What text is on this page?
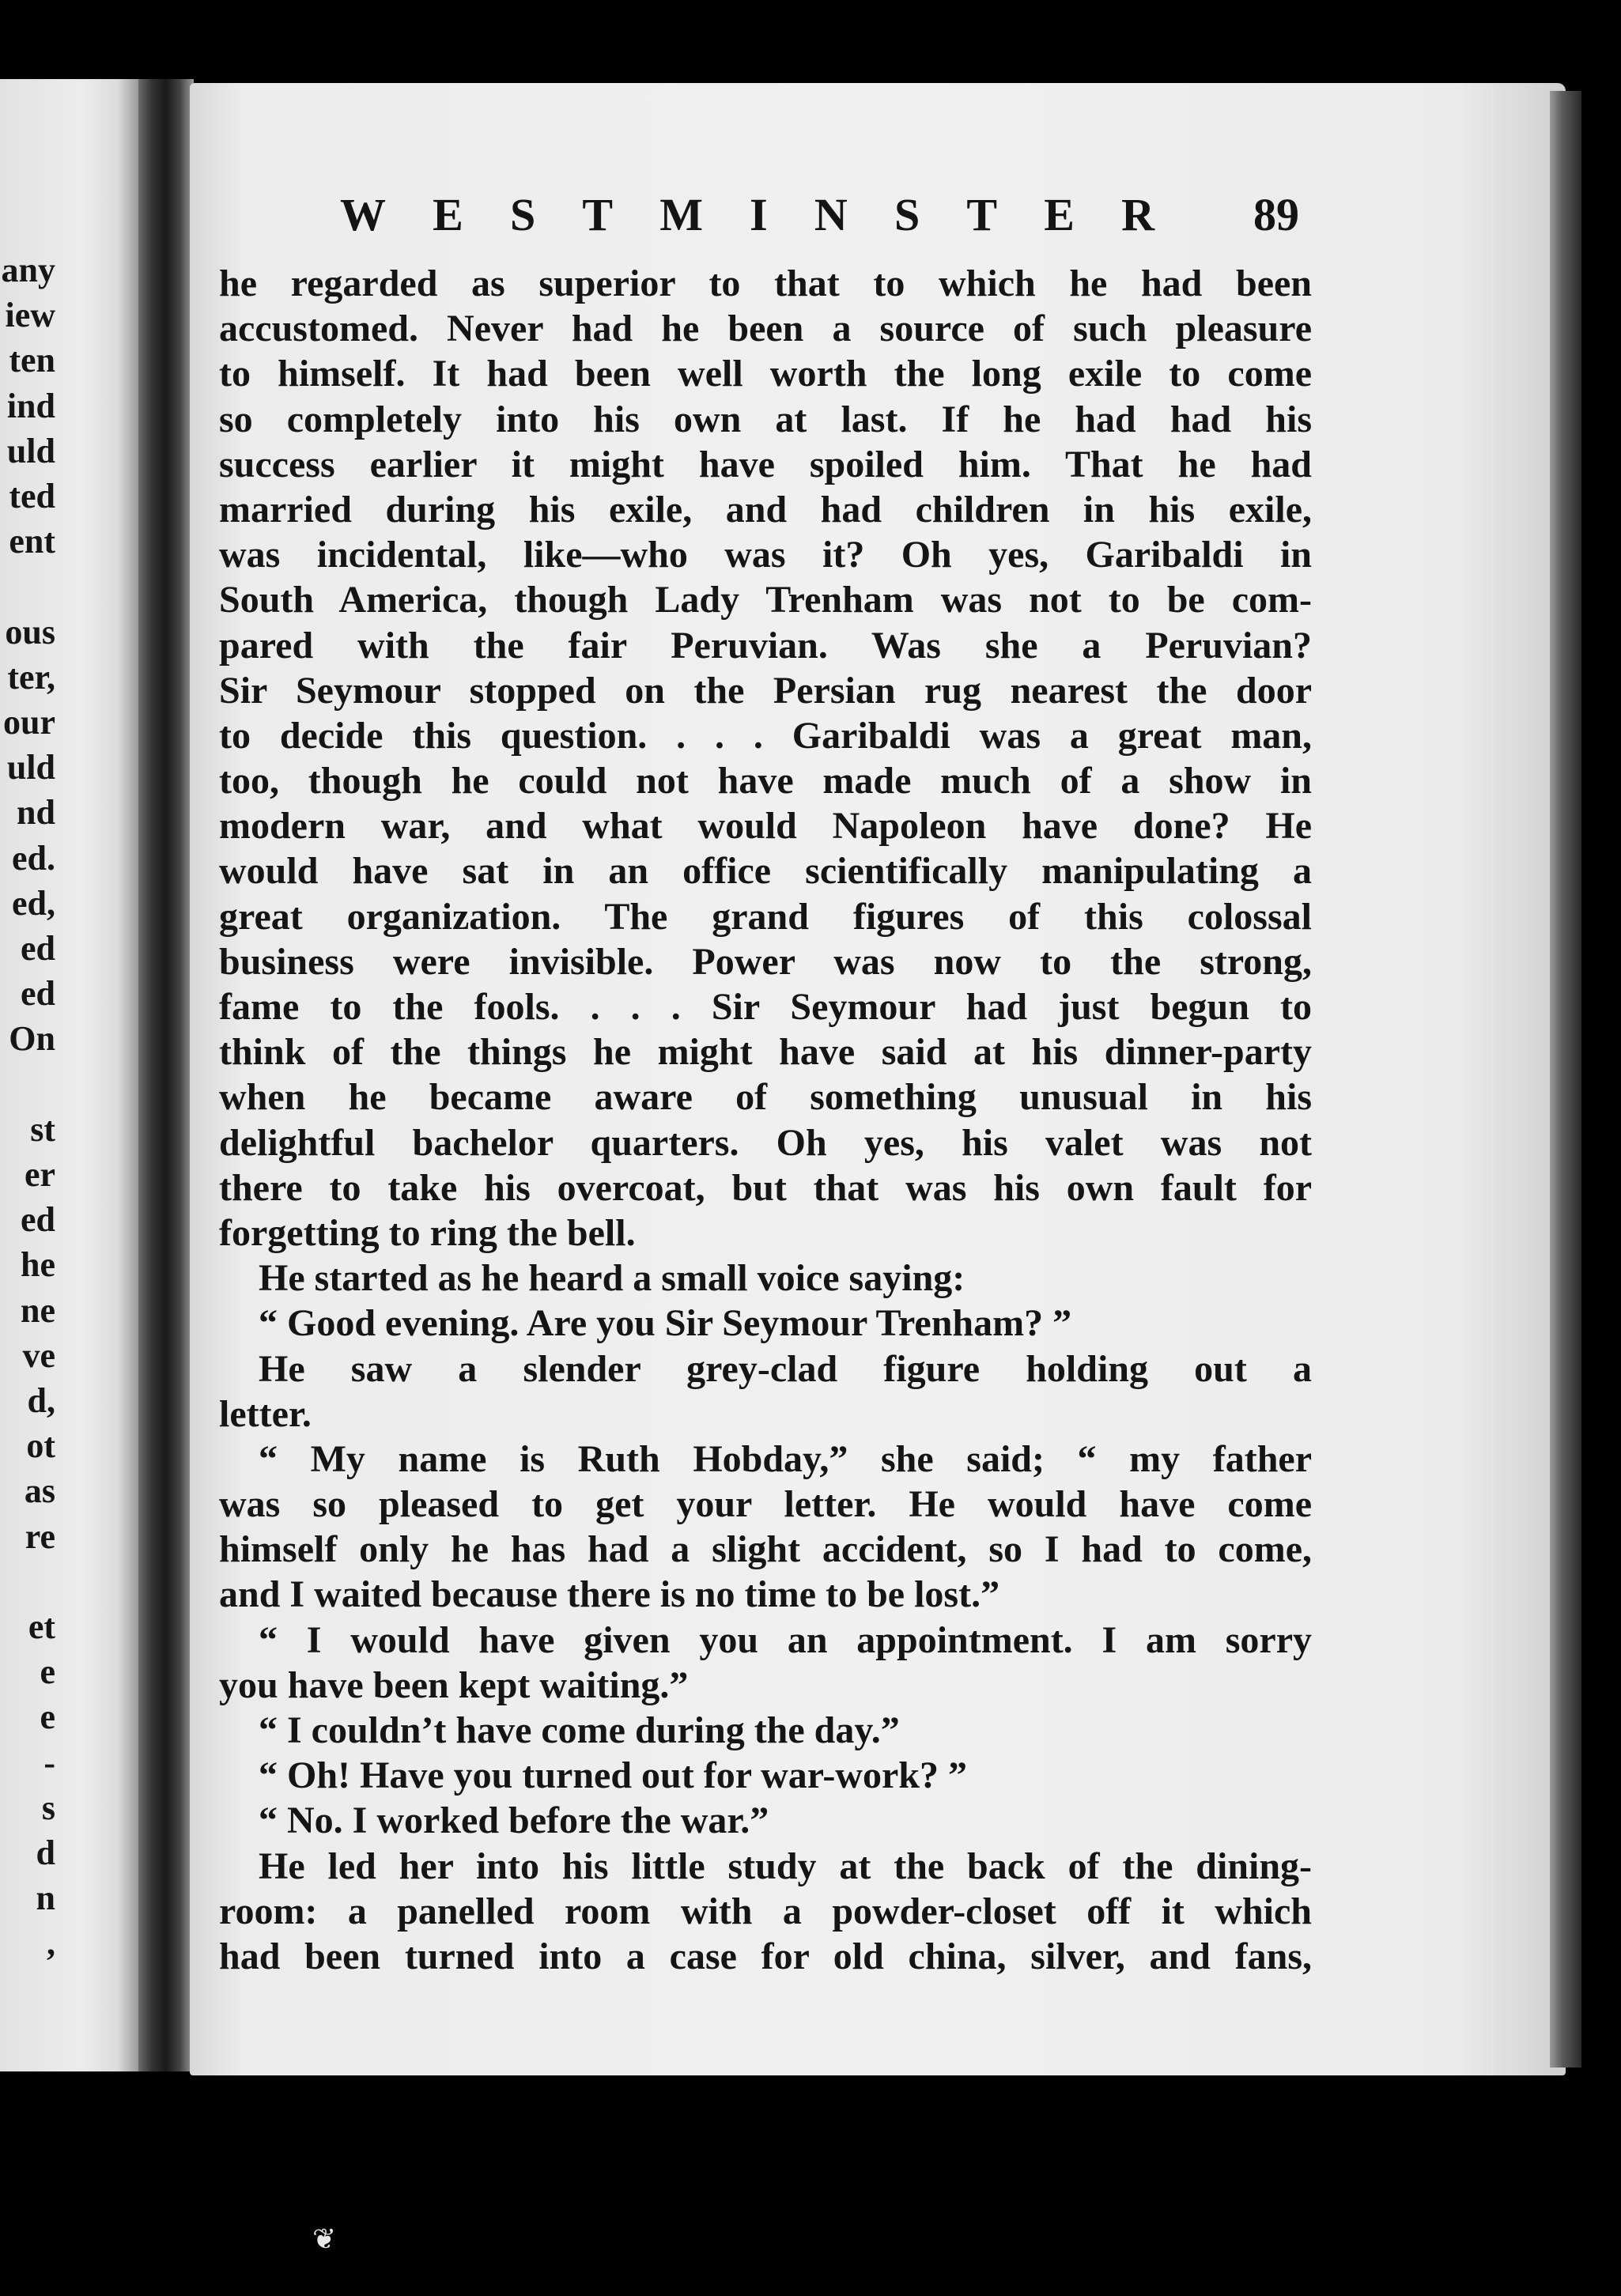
any
iew
ten
ind
uld
ted
ent
ous
ter,
our
uld
nd
ed.
ed,
ed
ed
On
st
er
ed
he
ne
ve
d,
ot
as
re
et
e
e
-
s
d
n
,
W E S T M I N S T E R 89
he regarded as superior to that to which he had been
accustomed. Never had he been a source of such pleasure
to himself. It had been well worth the long exile to come
so completely into his own at last. If he had had his
success earlier it might have spoiled him. That he had
married during his exile, and had children in his exile,
was incidental, like—who was it? Oh yes, Garibaldi in
South America, though Lady Trenham was not to be com-
pared with the fair Peruvian. Was she a Peruvian?
Sir Seymour stopped on the Persian rug nearest the door
to decide this question. . . . Garibaldi was a great man,
too, though he could not have made much of a show in
modern war, and what would Napoleon have done? He
would have sat in an office scientifically manipulating a
great organization. The grand figures of this colossal
business were invisible. Power was now to the strong,
fame to the fools. . . . Sir Seymour had just begun to
think of the things he might have said at his dinner-party
when he became aware of something unusual in his
delightful bachelor quarters. Oh yes, his valet was not
there to take his overcoat, but that was his own fault for
forgetting to ring the bell.
He started as he heard a small voice saying:
“ Good evening. Are you Sir Seymour Trenham? ”
He saw a slender grey-clad figure holding out a
letter.
“ My name is Ruth Hobday,” she said; “ my father
was so pleased to get your letter. He would have come
himself only he has had a slight accident, so I had to come,
and I waited because there is no time to be lost.”
“ I would have given you an appointment. I am sorry
you have been kept waiting.”
“ I couldn’t have come during the day.”
“ Oh! Have you turned out for war-work? ”
“ No. I worked before the war.”
He led her into his little study at the back of the dining-
room: a panelled room with a powder-closet off it which
had been turned into a case for old china, silver, and fans,
❦
